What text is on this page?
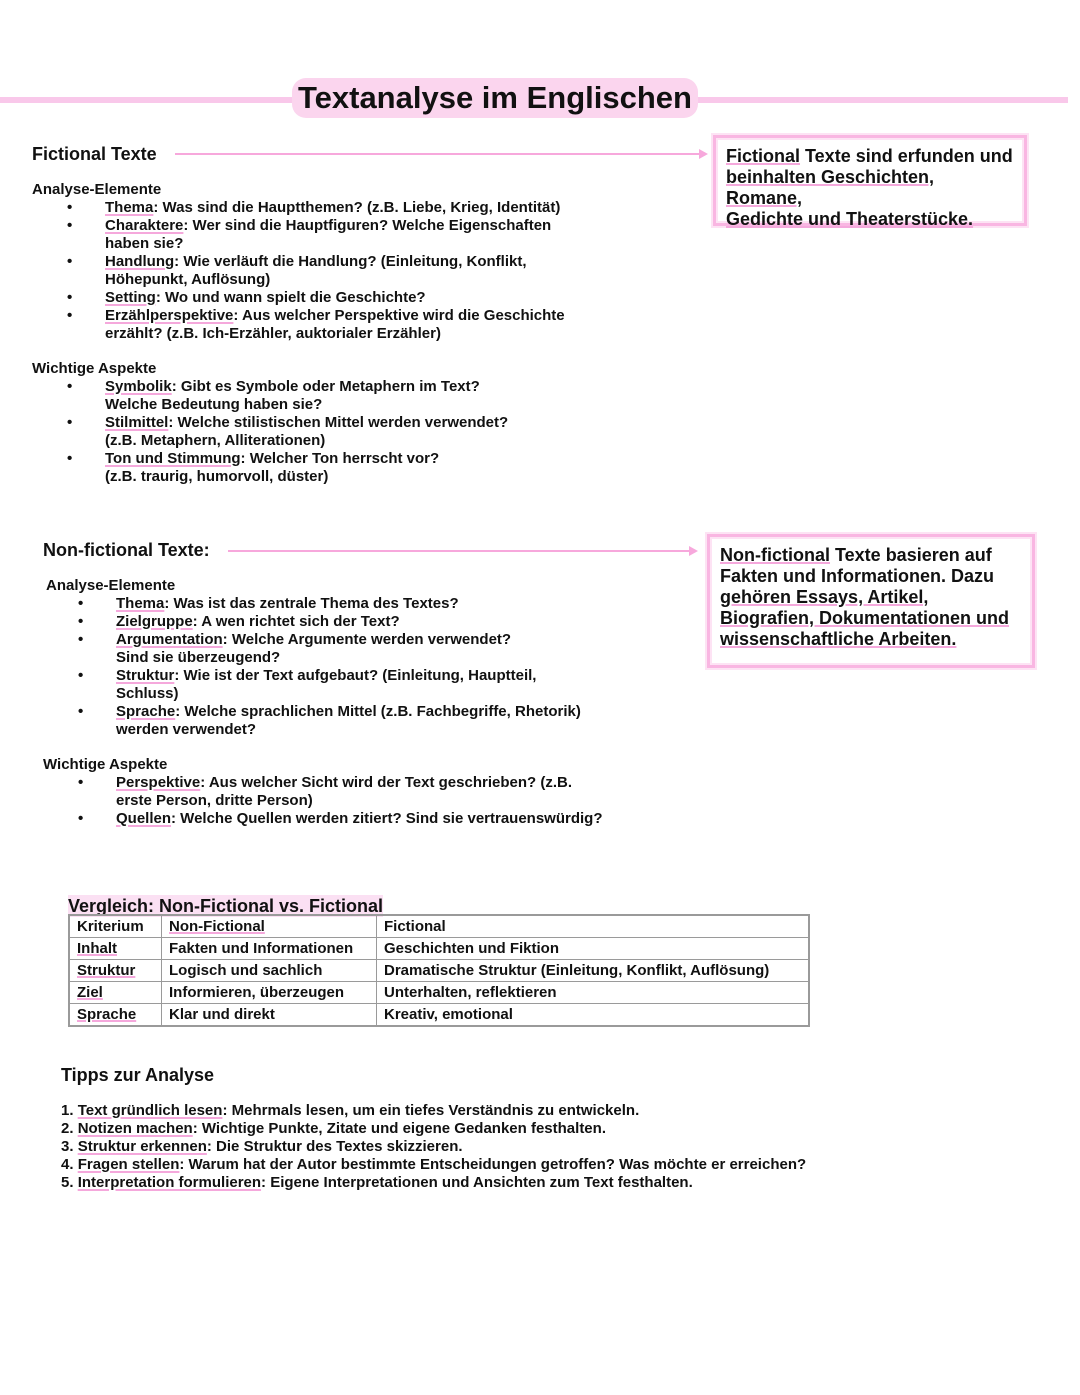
Textanalyse im Englischen
Fictional Texte
Analyse-Elemente
• Thema: Was sind die Hauptthemen? (z.B. Liebe, Krieg, Identität)
• Charaktere: Wer sind die Hauptfiguren? Welche Eigenschaften
haben sie?
• Handlung: Wie verläuft die Handlung? (Einleitung, Konflikt,
Höhepunkt, Auflösung)
• Setting: Wo und wann spielt die Geschichte?
• Erzählperspektive: Aus welcher Perspektive wird die Geschichte
erzählt? (z.B. Ich-Erzähler, auktorialer Erzähler)
Wichtige Aspekte
• Symbolik: Gibt es Symbole oder Metaphern im Text?
Welche Bedeutung haben sie?
• Stilmittel: Welche stilistischen Mittel werden verwendet?
(z.B. Metaphern, Alliterationen)
• Ton und Stimmung: Welcher Ton herrscht vor?
(z.B. traurig, humorvoll, düster)
Fictional Texte sind erfunden und
beinhalten Geschichten, Romane,
Gedichte und Theaterstücke.
Non-fictional Texte:
Analyse-Elemente
• Thema: Was ist das zentrale Thema des Textes?
• Zielgruppe: A wen richtet sich der Text?
• Argumentation: Welche Argumente werden verwendet?
Sind sie überzeugend?
• Struktur: Wie ist der Text aufgebaut? (Einleitung, Hauptteil,
Schluss)
• Sprache: Welche sprachlichen Mittel (z.B. Fachbegriffe, Rhetorik)
werden verwendet?
Wichtige Aspekte
• Perspektive: Aus welcher Sicht wird der Text geschrieben? (z.B.
erste Person, dritte Person)
• Quellen: Welche Quellen werden zitiert? Sind sie vertrauenswürdig?
Non-fictional Texte basieren auf
Fakten und Informationen. Dazu
gehören Essays, Artikel,
Biografien, Dokumentationen und
wissenschaftliche Arbeiten.
Vergleich: Non-Fictional vs. Fictional
Kriterium	Non-Fictional	Fictional
Inhalt	Fakten und Informationen	Geschichten und Fiktion
Struktur	Logisch und sachlich	Dramatische Struktur (Einleitung, Konflikt, Auflösung)
Ziel	Informieren, überzeugen	Unterhalten, reflektieren
Sprache	Klar und direkt	Kreativ, emotional
Tipps zur Analyse
1. Text gründlich lesen: Mehrmals lesen, um ein tiefes Verständnis zu entwickeln.
2. Notizen machen: Wichtige Punkte, Zitate und eigene Gedanken festhalten.
3. Struktur erkennen: Die Struktur des Textes skizzieren.
4. Fragen stellen: Warum hat der Autor bestimmte Entscheidungen getroffen? Was möchte er erreichen?
5. Interpretation formulieren: Eigene Interpretationen und Ansichten zum Text festhalten.
